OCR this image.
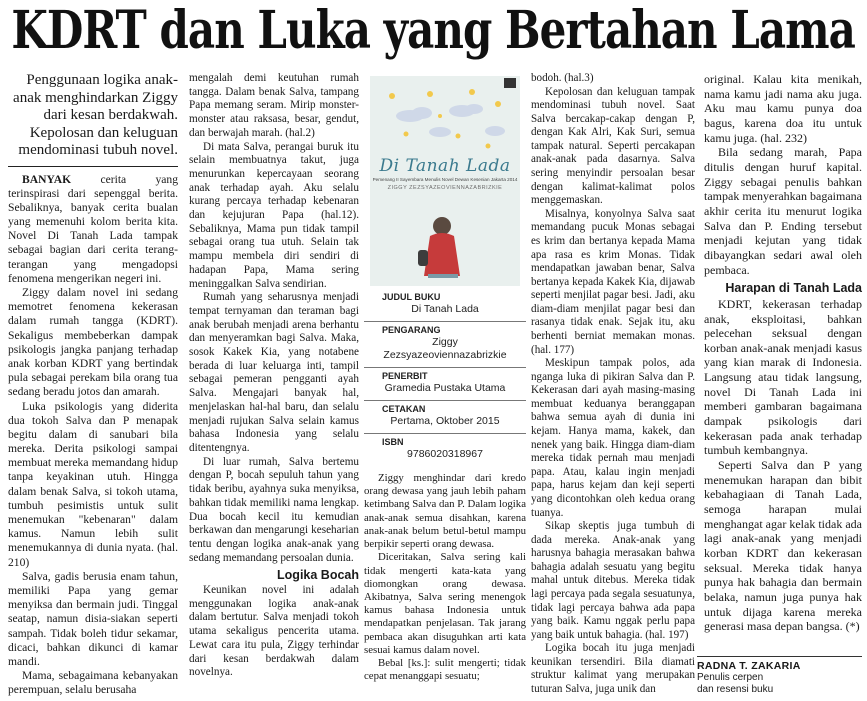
KDRT dan Luka yang Bertahan Lama
Penggunaan logika anak-anak menghindarkan Ziggy dari kesan berdakwah. Kepolosan dan keluguan mendominasi tubuh novel.

BANYAK cerita yang terinspirasi dari sepenggal berita. Sebaliknya, banyak cerita bualan yang memenuhi kolom berita kita. Novel Di Tanah Lada tampak sebagai bagian dari cerita terang-terangan yang mengadopsi fenomena mengerikan negeri ini.

Ziggy dalam novel ini sedang memotret fenomena kekerasan dalam rumah tangga (KDRT). Sekaligus membeberkan dampak psikologis jangka panjang terhadap anak korban KDRT yang bertindak pula sebagai perekam bila orang tua sedang beradu jotos dan amarah.

Luka psikologis yang diderita dua tokoh Salva dan P menapak begitu dalam di sanubari bila mereka. Derita psikologi sampai membuat mereka memandang hidup tanpa keyakinan utuh. Hingga dalam benak Salva, si tokoh utama, tumbuh pesimistis untuk sulit menemukan "kebenaran" dalam kamus. Namun lebih sulit menemukannya di dunia nyata. (hal. 210)

Salva, gadis berusia enam tahun, memiliki Papa yang gemar menyiksa dan bermain judi. Tinggal seatap, namun disia-siakan seperti sampah. Tidak boleh tidur sekamar, dicaci, bahkan dikunci di kamar mandi.

Mama, sebagaimana kebanyakan perempuan, selalu berusaha

mengalah demi keutuhan rumah tangga. Dalam benak Salva, tampang Papa memang seram. Mirip monster-monster atau raksasa, besar, gendut, dan berwajah marah. (hal.2)

Di mata Salva, perangai buruk itu selain membuatnya takut, juga menurunkan kepercayaan seorang anak terhadap ayah. Aku selalu kurang percaya terhadap kebenaran dan kejujuran Papa (hal.12). Sebaliknya, Mama pun tidak tampil sebagai orang tua utuh. Selain tak mampu membela diri sendiri di hadapan Papa, Mama sering meninggalkan Salva sendirian.

Rumah yang seharusnya menjadi tempat ternyaman dan teraman bagi anak berubah menjadi arena berhantu dan menyeramkan bagi Salva. Maka, sosok Kakek Kia, yang notabene berada di luar keluarga inti, tampil sebagai pemeran pengganti ayah Salva. Mengajari banyak hal, menjelaskan hal-hal baru, dan selalu menjadi rujukan Salva selain kamus bahasa Indonesia yang selalu ditentengnya.

Di luar rumah, Salva bertemu dengan P, bocah sepuluh tahun yang tidak beribu, ayahnya suka menyiksa, bahkan tidak memiliki nama lengkap. Dua bocah kecil itu kemudian berkawan dan mengarungi keseharian tentu dengan logika anak-anak yang sedang memandang persoalan dunia.

Logika Bocah

Keunikan novel ini adalah menggunakan logika anak-anak dalam bertutur. Salva menjadi tokoh utama sekaligus pencerita utama. Lewat cara itu pula, Ziggy terhindar dari kesan berdakwah dalam novelnya.

Di Tanah Lada
Pemenang II Sayembara Menulis Novel Dewan Kesenian Jakarta 2014
ZIGGY ZEZSYAZEOVIENNAZABRIZKIE
JUDUL BUKU
Di Tanah Lada
PENGARANG
Ziggy
Zezsyazeoviennazabrizkie
PENERBIT
Gramedia Pustaka Utama
CETAKAN
Pertama, Oktober 2015
ISBN
9786020318967

Ziggy menghindar dari kredo orang dewasa yang jauh lebih paham ketimbang Salva dan P. Dalam logika anak-anak semua disahkan, karena anak-anak belum betul-betul mampu berpikir seperti orang dewasa.

Diceritakan, Salva sering kali tidak mengerti kata-kata yang diomongkan orang dewasa. Akibatnya, Salva sering menengok kamus bahasa Indonesia untuk mendapatkan penjelasan. Tak jarang pembaca akan disuguhkan arti kata sesuai kamus dalam novel.

Bebal [ks.]: sulit mengerti; tidak cepat menanggapi sesuatu;

bodoh. (hal.3)

Kepolosan dan keluguan tampak mendominasi tubuh novel. Saat Salva bercakap-cakap dengan P, dengan Kak Alri, Kak Suri, semua tampak natural. Seperti percakapan anak-anak pada dasarnya. Salva sering menyindir persoalan besar dengan kalimat-kalimat polos menggemaskan.

Misalnya, konyolnya Salva saat memandang pucuk Monas sebagai es krim dan bertanya kepada Mama apa rasa es krim Monas. Tidak mendapatkan jawaban benar, Salva bertanya kepada Kakek Kia, dijawab seperti menjilat pagar besi. Jadi, aku diam-diam menjilat pagar besi dan rasanya tidak enak. Sejak itu, aku berhenti berniat memakan monas. (hal. 177)

Meskipun tampak polos, ada nganga luka di pikiran Salva dan P. Kekerasan dari ayah masing-masing membuat keduanya beranggapan bahwa semua ayah di dunia ini kejam. Hanya mama, kakek, dan nenek yang baik. Hingga diam-diam mereka tidak pernah mau menjadi papa. Atau, kalau ingin menjadi papa, harus kejam dan keji seperti yang dicontohkan oleh kedua orang tuanya.

Sikap skeptis juga tumbuh di dada mereka. Anak-anak yang harusnya bahagia merasakan bahwa bahagia adalah sesuatu yang begitu mahal untuk ditebus. Mereka tidak lagi percaya pada segala sesuatunya, tidak lagi percaya bahwa ada papa yang baik. Kamu nggak perlu papa yang baik untuk bahagia. (hal. 197)

Logika bocah itu juga menjadi keunikan tersendiri. Bila diamati struktur kalimat yang merupakan tuturan Salva, juga unik dan

original. Kalau kita menikah, nama kamu jadi nama aku juga. Aku mau kamu punya doa bagus, karena doa itu untuk kamu juga. (hal. 232)

Bila sedang marah, Papa ditulis dengan huruf kapital. Ziggy sebagai penulis bahkan tampak menyerahkan bagaimana akhir cerita itu menurut logika Salva dan P. Ending tersebut menjadi kejutan yang tidak dibayangkan sedari awal oleh pembaca.

Harapan di Tanah Lada

KDRT, kekerasan terhadap anak, eksploitasi, bahkan pelecehan seksual dengan korban anak-anak menjadi kasus yang kian marak di Indonesia. Langsung atau tidak langsung, novel Di Tanah Lada ini memberi gambaran bagaimana dampak psikologis dari kekerasan pada anak terhadap tumbuh kembangnya.

Seperti Salva dan P yang menemukan harapan dan bibit kebahagiaan di Tanah Lada, semoga harapan mulai menghangat agar kelak tidak ada lagi anak-anak yang menjadi korban KDRT dan kekerasan seksual. Mereka tidak hanya punya hak bahagia dan bermain belaka, namun juga punya hak untuk dijaga karena mereka generasi masa depan bangsa. (*)

RADNA T. ZAKARIA
Penulis cerpen
dan resensi buku
